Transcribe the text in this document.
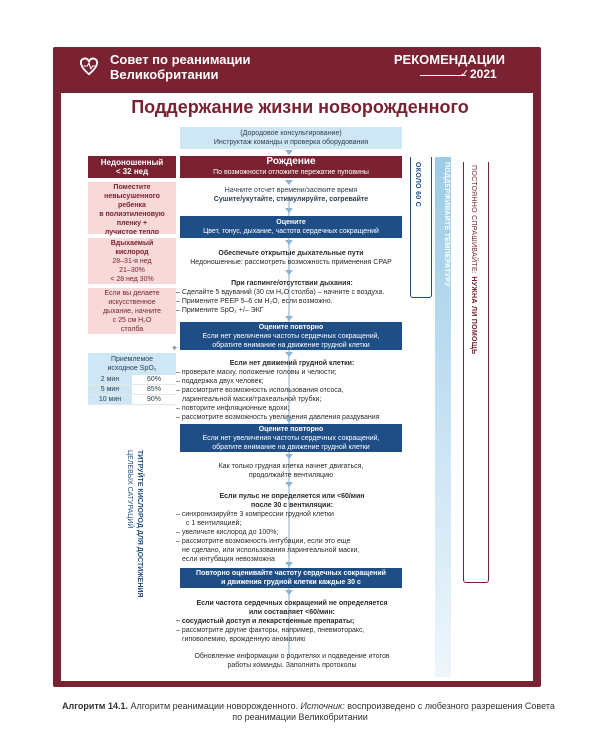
Совет по реанимации
Великобритании
РЕКОМЕНДАЦИИ
✓ 2021
Поддержание жизни новорожденного
ОКОЛО 60 С	ПОДДЕРЖИВАЙТЕ ТЕМПЕРАТУРУ	ПОСТОЯННО СПРАШИВАЙТЕ: НУЖНА ЛИ ПОМОЩЬ
(Дородовое консультирование)
Инструктаж команды и проверка оборудования
Рождение
По возможности отложите пережатие пуповины
Начните отсчет времени/засеките время
Сушите/укутайте, стимулируйте, согревайте
Оцените
Цвет, тонус, дыхание, частота сердечных сокращений
Обеспечьте открытые дыхательные пути
Недоношенные: рассмотреть возможность применения CPAP
При гаспинге/отсутствии дыхания:
– Сделайте 5 вдуваний (30 см H₂O столба) – начните с воздуха.
– Примените PEEP 5–6 см H₂O, если возможно.
– Примените SpO₂ +/– ЭКГ
Оцените повторно
Если нет увеличения частоты сердечных сокращений,
обратите внимание на движение грудной клетки
Если нет движений грудной клетки:
– проверьте маску, положение головы и челюсти;
– поддержка двух человек;
– рассмотрите возможность использования отсоса,
ларингеальной маски/трахеальной трубки;
– повторите инфляционные вдохи;
– рассмотрите возможность увеличения давления раздувания
Оцените повторно
Если нет увеличения частоты сердечных сокращений,
обратите внимание на движение грудной клетки
Как только грудная клетка начнет двигаться,
продолжайте вентиляцию
Если пульс не определяется или <60/мин
после 30 с вентиляции:
– синхронизируйте 3 компрессии грудной клетки
с 1 вентиляцией;
– увеличьте кислород до 100%;
– рассмотрите возможность интубации, если это еще
не сделано, или использования ларингеальной маски,
если интубация невозможна
Повторно оценивайте частоту сердечных сокращений
и движения грудной клетки каждые 30 с
Если частота сердечных сокращений не определяется
или составляет <60/мин:
– сосудистый доступ и лекарственные препараты;
– рассмотрите другие факторы, например, пневмоторакс,
гиповолемию, врожденную аномалию
Обновление информации о родителях и подведение итогов
работы команды. Заполнить протоколы
Недоношенный
< 32 нед
Поместите
невысушенного
ребенка
в полиэтиленовую
пленку +
лучистое тепло
Вдыхаемый
кислород
28–31-я нед
21–30%
< 28 нед 30%
Если вы делаете
искусственное
дыхание, начните
с 25 см H₂O
столба
⌖
Приемлемое
исходное SpO₂
2 мин	60%
5 мин	85%
10 мин	90%
ТИТРУЙТЕ КИСЛОРОД ДЛЯ ДОСТИЖЕНИЯ
ЦЕЛЕВЫХ САТУРАЦИЙ
Алгоритм 14.1. Алгоритм реанимации новорожденного. Источник: воспроизведено с любезного разрешения Совета
по реанимации Великобритании
